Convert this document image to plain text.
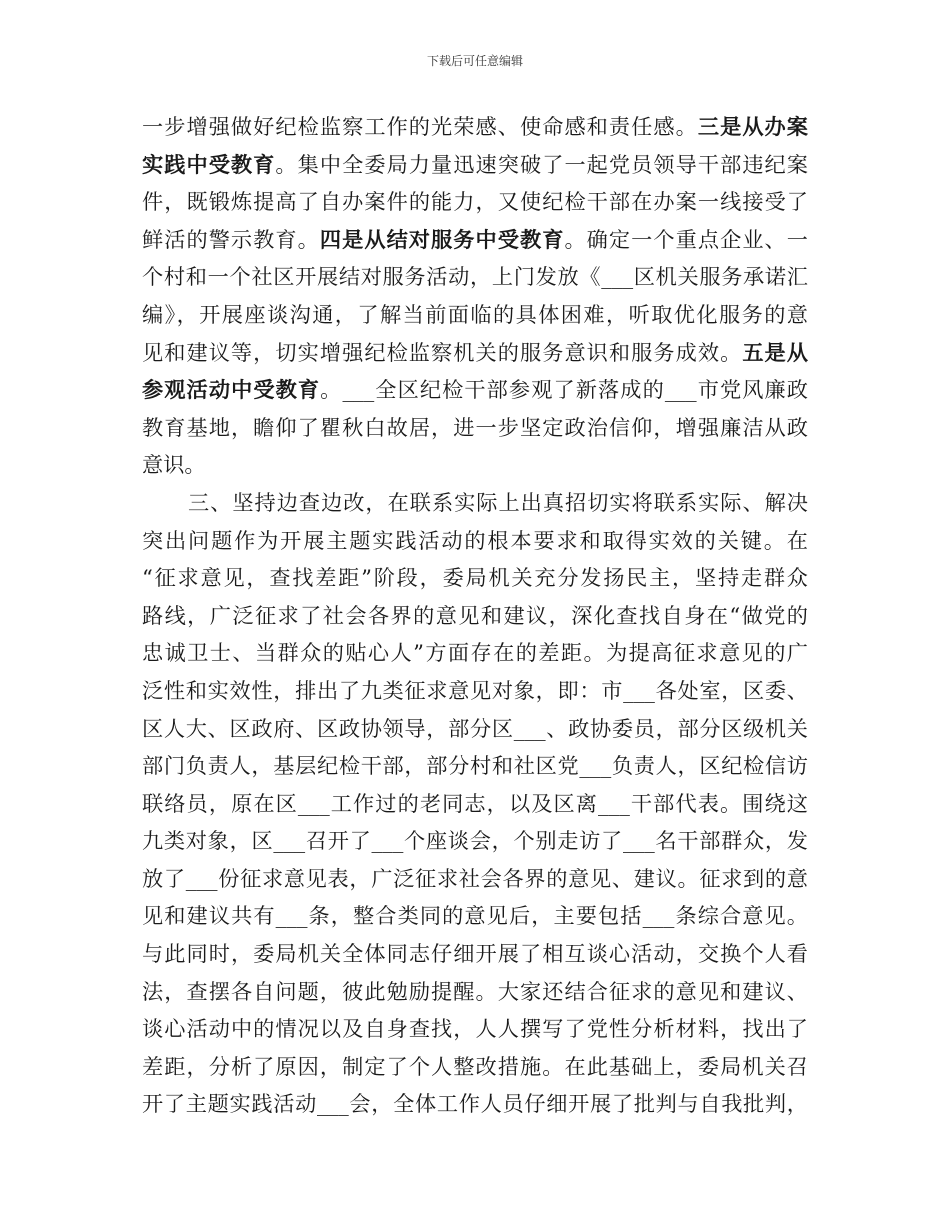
下载后可任意编辑
一步增强做好纪检监察工作的光荣感、使命感和责任感。三是从办案
实践中受教育。集中全委局力量迅速突破了一起党员领导干部违纪案
件，既锻炼提高了自办案件的能力，又使纪检干部在办案一线接受了
鲜活的警示教育。四是从结对服务中受教育。确定一个重点企业、一
个村和一个社区开展结对服务活动，上门发放《___区机关服务承诺汇
编》，开展座谈沟通，了解当前面临的具体困难，听取优化服务的意
见和建议等，切实增强纪检监察机关的服务意识和服务成效。五是从
参观活动中受教育。___全区纪检干部参观了新落成的___市党风廉政
教育基地，瞻仰了瞿秋白故居，进一步坚定政治信仰，增强廉洁从政
意识。
三、坚持边查边改，在联系实际上出真招切实将联系实际、解决
突出问题作为开展主题实践活动的根本要求和取得实效的关键。在
“征求意见，查找差距”阶段，委局机关充分发扬民主，坚持走群众
路线，广泛征求了社会各界的意见和建议，深化查找自身在“做党的
忠诚卫士、当群众的贴心人”方面存在的差距。为提高征求意见的广
泛性和实效性，排出了九类征求意见对象，即：市___各处室，区委、
区人大、区政府、区政协领导，部分区___、政协委员，部分区级机关
部门负责人，基层纪检干部，部分村和社区党___负责人，区纪检信访
联络员，原在区___工作过的老同志，以及区离___干部代表。围绕这
九类对象，区___召开了___个座谈会，个别走访了___名干部群众，发
放了___份征求意见表，广泛征求社会各界的意见、建议。征求到的意
见和建议共有___条，整合类同的意见后，主要包括___条综合意见。
与此同时，委局机关全体同志仔细开展了相互谈心活动，交换个人看
法，查摆各自问题，彼此勉励提醒。大家还结合征求的意见和建议、
谈心活动中的情况以及自身查找，人人撰写了党性分析材料，找出了
差距，分析了原因，制定了个人整改措施。在此基础上，委局机关召
开了主题实践活动___会，全体工作人员仔细开展了批判与自我批判，
